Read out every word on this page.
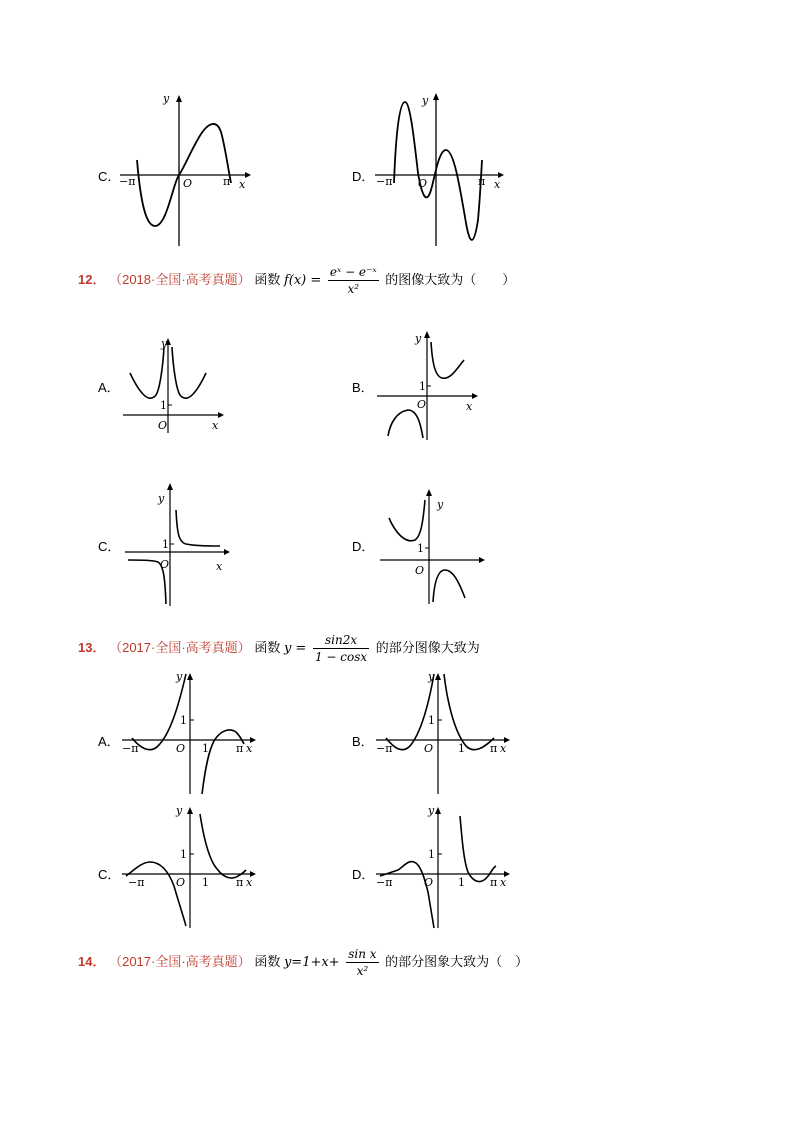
C．
y
x
−π	π
O	D．
y
x
−π	π
O
12． （2018·全国·高考真题） 函数 $f(x) = \frac{\text{eˣ − e⁻ˣ}}{\text{x²}}$ 的图像大致为（　　）
A．
y
x
1
O
B．
y
x
1
O
C．
y
x
1
O
D．
y
1
O
13． （2017·全国·高考真题） 函数 $y = \frac{\sin 2x}{1 - \cos x}$ 的部分图像大致为
A．
y
x
1
1
−π	π
O	B．
y
x
1
1
−π	π
O
C．
y
x
1
1
−π	π
O
D．
y
x
1
1
−π	π
O
14． （2017·全国·高考真题） 函数 $y=1+x+ \frac{\text{sin x}}{\text{x²}}$ 的部分图象大致为（　）
